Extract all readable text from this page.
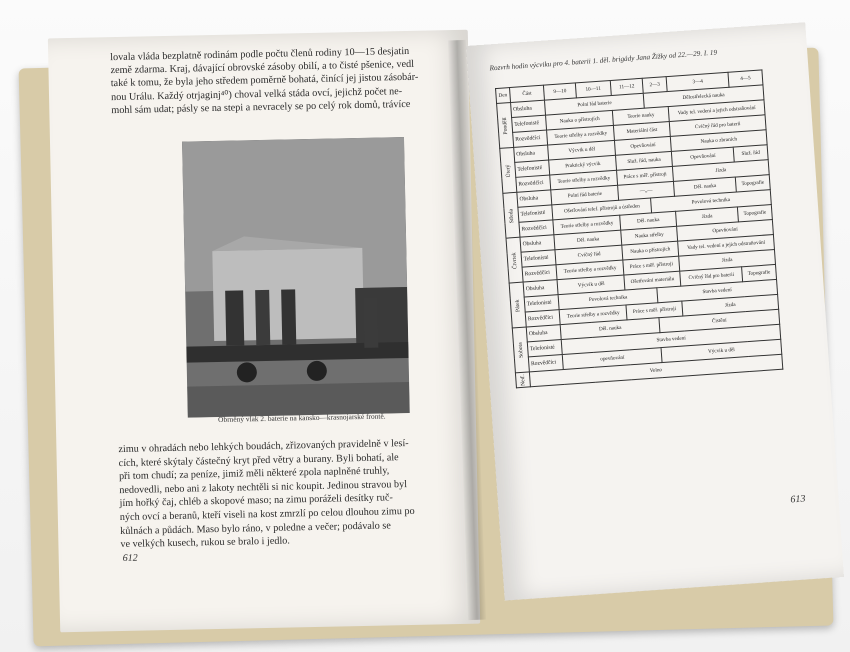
lovala vláda bezplatně rodinám podle počtu členů rodiny 10—15 desjatin

země zdarma. Kraj, dávající obrovské zásoby obilí, a to čisté pšenice, vedl

také k tomu, že byla jeho středem poměrně bohatá, činící jej jistou zásobár-

nou Urálu. Každý otrjaginj⁴⁰) choval velká stáda ovcí, jejichž počet ne-

mohl sám udat; pásly se na stepi a nevracely se po celý rok domů, trávíce

Obrněný vlak 2. baterie na kansko—krasnojarské frontě.

zimu v ohradách nebo lehkých boudách, zřizovaných pravidelně v lesí-

cích, které skýtaly částečný kryt před větry a burany. Byli bohatí, ale

při tom chudí; za peníze, jimiž měli některé zpola naplněné truhly,

nedovedli, nebo ani z lakoty nechtěli si nic koupit. Jedinou stravou byl

jím hořký čaj, chléb a skopové maso; na zimu poráželi desítky ruč-

ných ovcí a beranů, kteří viseli na kost zmrzlí po celou dlouhou zimu po

kůlnách a půdách. Maso bylo ráno, v poledne a večer; podávalo se

ve velkých kusech, rukou se bralo i jedlo.

612
Rozvrh hodin výcviku pro 4. baterii 1. děl. brigády Jana Žižky od 22.—29. I. 19
Den	Část	9—10	10—11	11—12	2—3	3—4	4—5
Pondělí	Obsluha	Polní řád baterie			Dělostřelecká nauka		
	Telefonisté	Nauka o přístrojích		Teorie nauky		Vady tel. vedení a jejich odstraňování	
	Rozvědčíci	Teorie střelby a rozvědky		Materiální část		Cvičný řád pro baterii	
Úterý	Obsluha	Výcvik u děl		Opevňování		Nauka o zbraních	
	Telefonisté	Praktický výcvik		Služ. řád, nauka		Opevňování	Služ. řád
	Rozvědčíci	Teorie střelby a rozvědky		Práce s měř. přístroji		Jízda	
Středa	Obsluha	Polní řád baterie		—„—		Děl. nauka	Topografie
	Telefonisté	Ošetřování telef. přístrojů a ústředen			Povolová technika		
	Rozvědčíci	Teorie střelby a rozvědky		Děl. nauka		Jízda	Topografie
Čtvrtek	Obsluha	Děl. nauka		Nauka střelby		Opevňování	
	Telefonisté	Cvičný řád		Nauka o přístrojích		Vady tel. vedení a jejich odstraňování	
	Rozvědčíci	Teorie střelby a rozvědky		Práce s měř. přístroji		Jízda	
Pátek	Obsluha	Výcvik u děl		Ošetřování materiálu		Cvičný řád pro baterii	Topografie
	Telefonisté	Povolová technika			Stavba vedení		
	Rozvědčíci	Teorie střelby a rozvědky		Práce s měř. přístroji		Jízda	
Sobota	Obsluha	Děl. nauka			Čistění		
	Telefonisté	Stavba vedení					
	Rozvědčíci	opevňování			Výcvik u děl		
Neď.	Volno						
613
